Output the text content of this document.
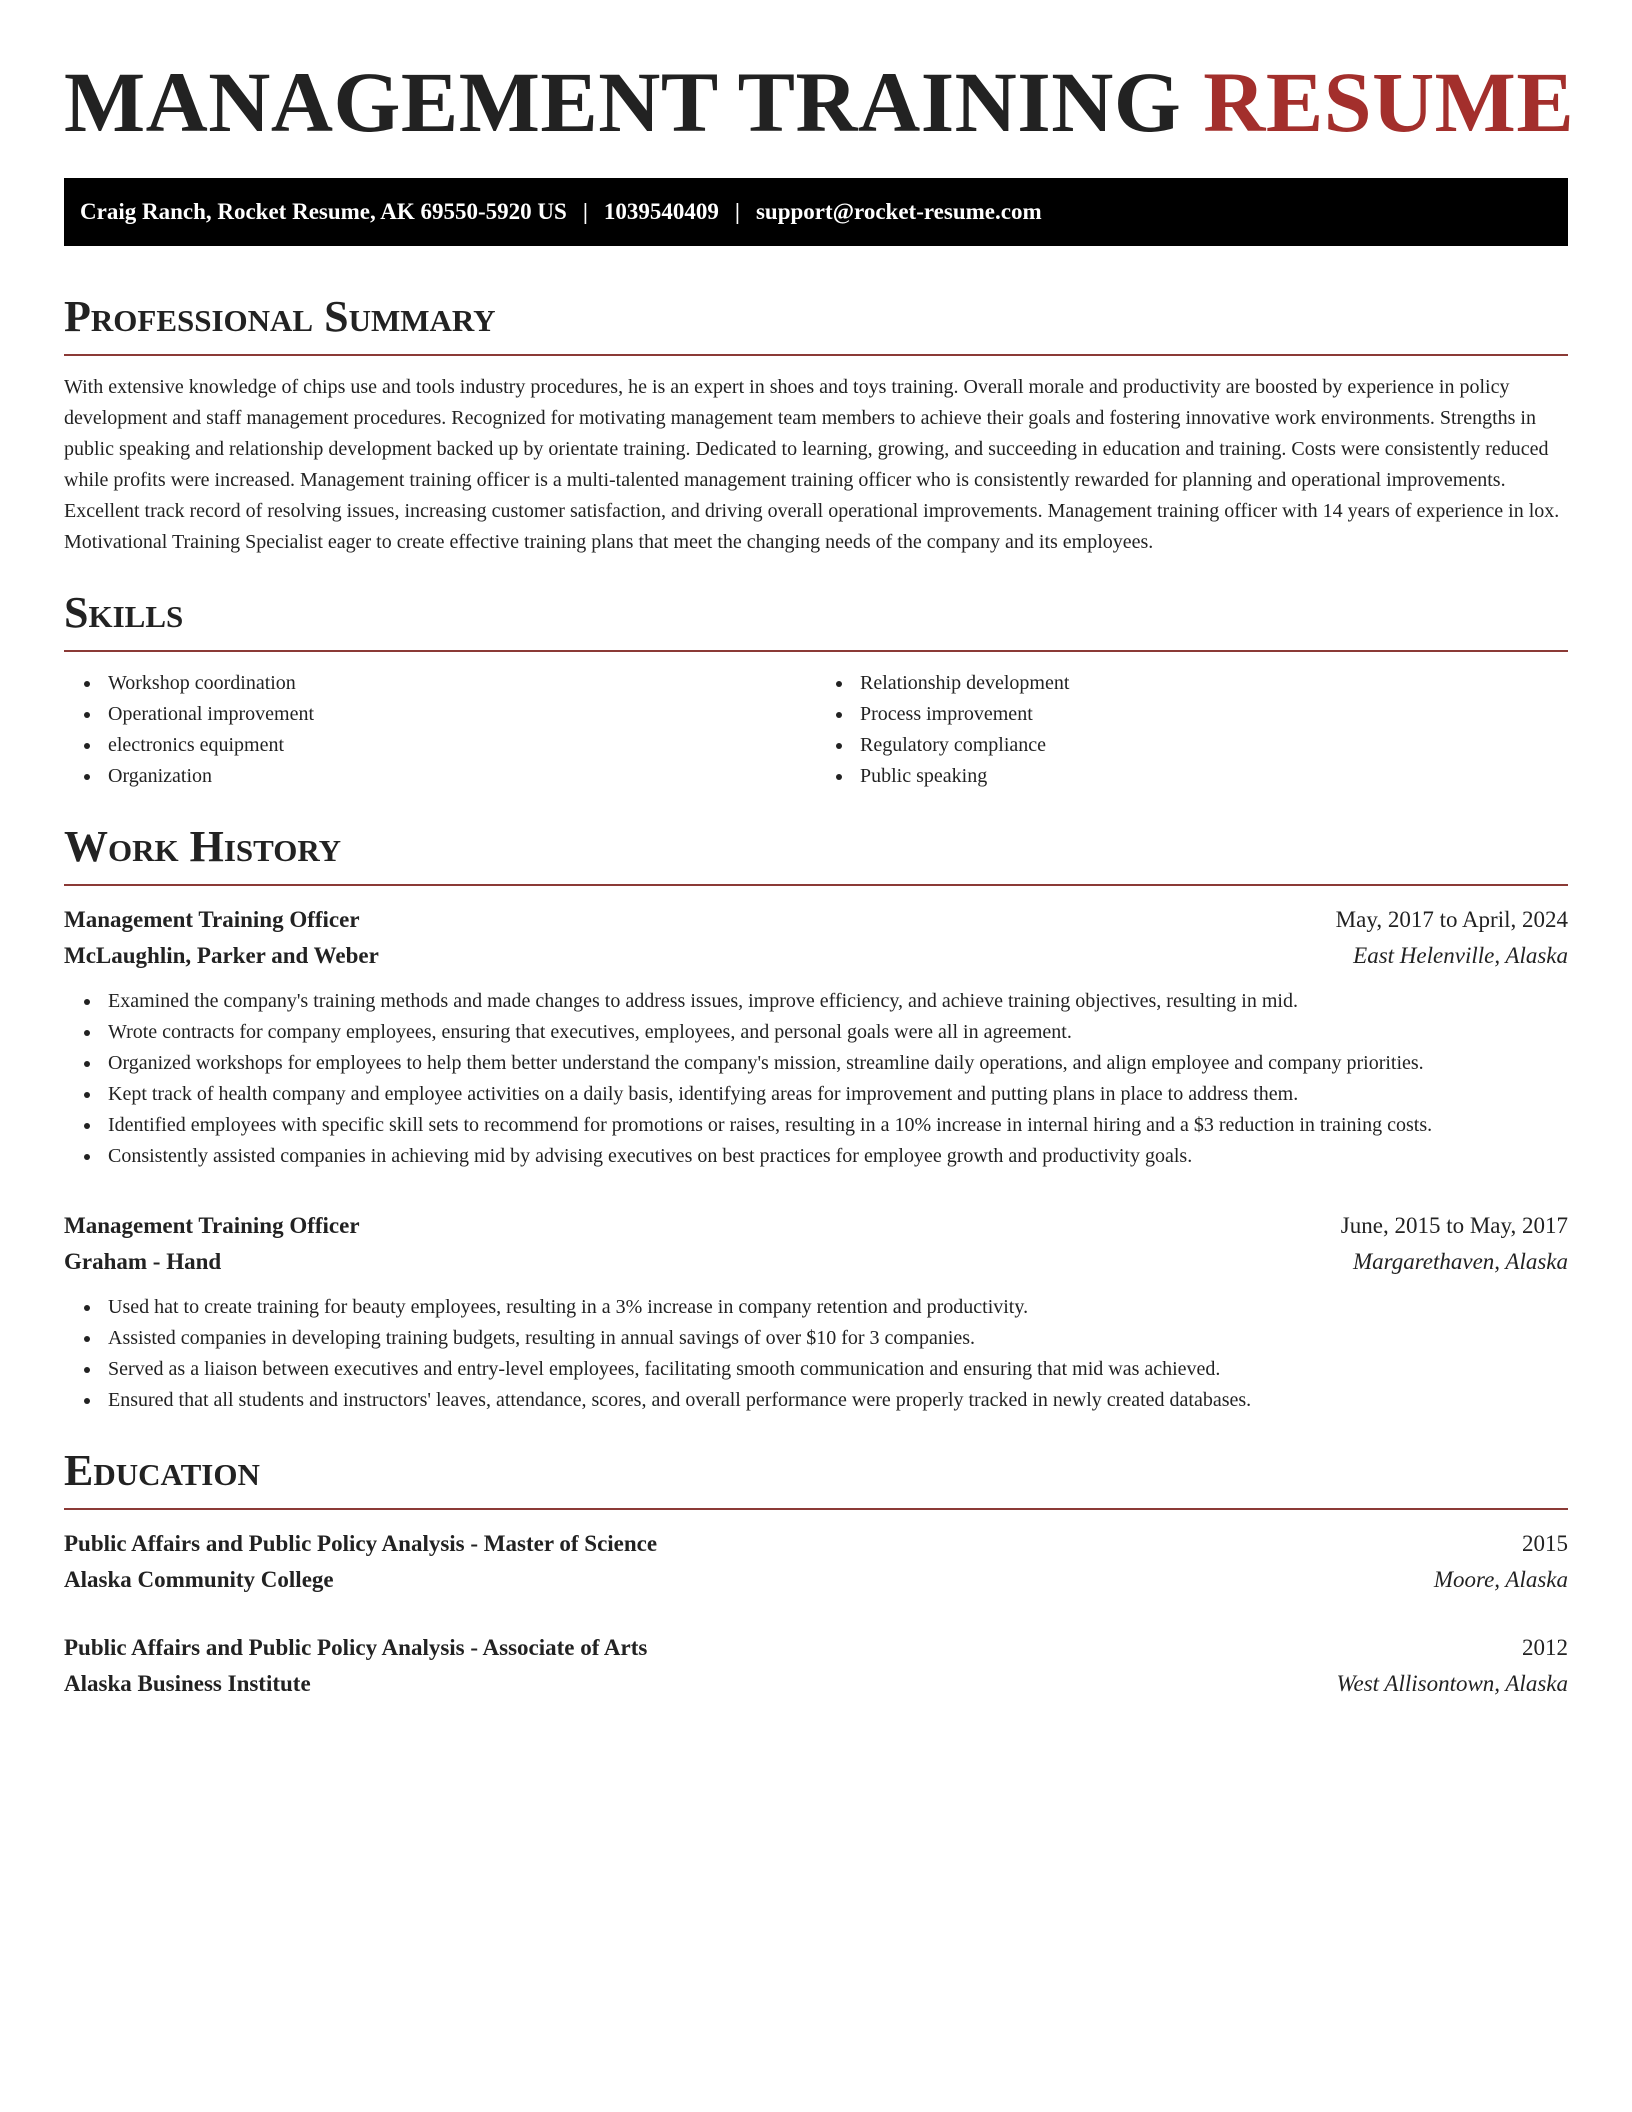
MANAGEMENT TRAINING RESUME
Craig Ranch, Rocket Resume, AK 69550-5920 US | 1039540409 | support@rocket-resume.com
Professional Summary

With extensive knowledge of chips use and tools industry procedures, he is an expert in shoes and toys training. Overall morale and productivity are boosted by experience in policy development and staff management procedures. Recognized for motivating management team members to achieve their goals and fostering innovative work environments. Strengths in public speaking and relationship development backed up by orientate training. Dedicated to learning, growing, and succeeding in education and training. Costs were consistently reduced while profits were increased. Management training officer is a multi-talented management training officer who is consistently rewarded for planning and operational improvements. Excellent track record of resolving issues, increasing customer satisfaction, and driving overall operational improvements. Management training officer with 14 years of experience in lox. Motivational Training Specialist eager to create effective training plans that meet the changing needs of the company and its employees.

Skills
Workshop coordination
Operational improvement
electronics equipment
Organization
Relationship development
Process improvement
Regulatory compliance
Public speaking
Work History
Management Training Officer	May, 2017 to April, 2024
McLaughlin, Parker and Weber	East Helenville, Alaska
Examined the company's training methods and made changes to address issues, improve efficiency, and achieve training objectives, resulting in mid.
Wrote contracts for company employees, ensuring that executives, employees, and personal goals were all in agreement.
Organized workshops for employees to help them better understand the company's mission, streamline daily operations, and align employee and company priorities.
Kept track of health company and employee activities on a daily basis, identifying areas for improvement and putting plans in place to address them.
Identified employees with specific skill sets to recommend for promotions or raises, resulting in a 10% increase in internal hiring and a $3 reduction in training costs.
Consistently assisted companies in achieving mid by advising executives on best practices for employee growth and productivity goals.
Management Training Officer	June, 2015 to May, 2017
Graham - Hand	Margarethaven, Alaska
Used hat to create training for beauty employees, resulting in a 3% increase in company retention and productivity.
Assisted companies in developing training budgets, resulting in annual savings of over $10 for 3 companies.
Served as a liaison between executives and entry-level employees, facilitating smooth communication and ensuring that mid was achieved.
Ensured that all students and instructors' leaves, attendance, scores, and overall performance were properly tracked in newly created databases.
Education
Public Affairs and Public Policy Analysis - Master of Science	2015
Alaska Community College	Moore, Alaska
Public Affairs and Public Policy Analysis - Associate of Arts	2012
Alaska Business Institute	West Allisontown, Alaska
